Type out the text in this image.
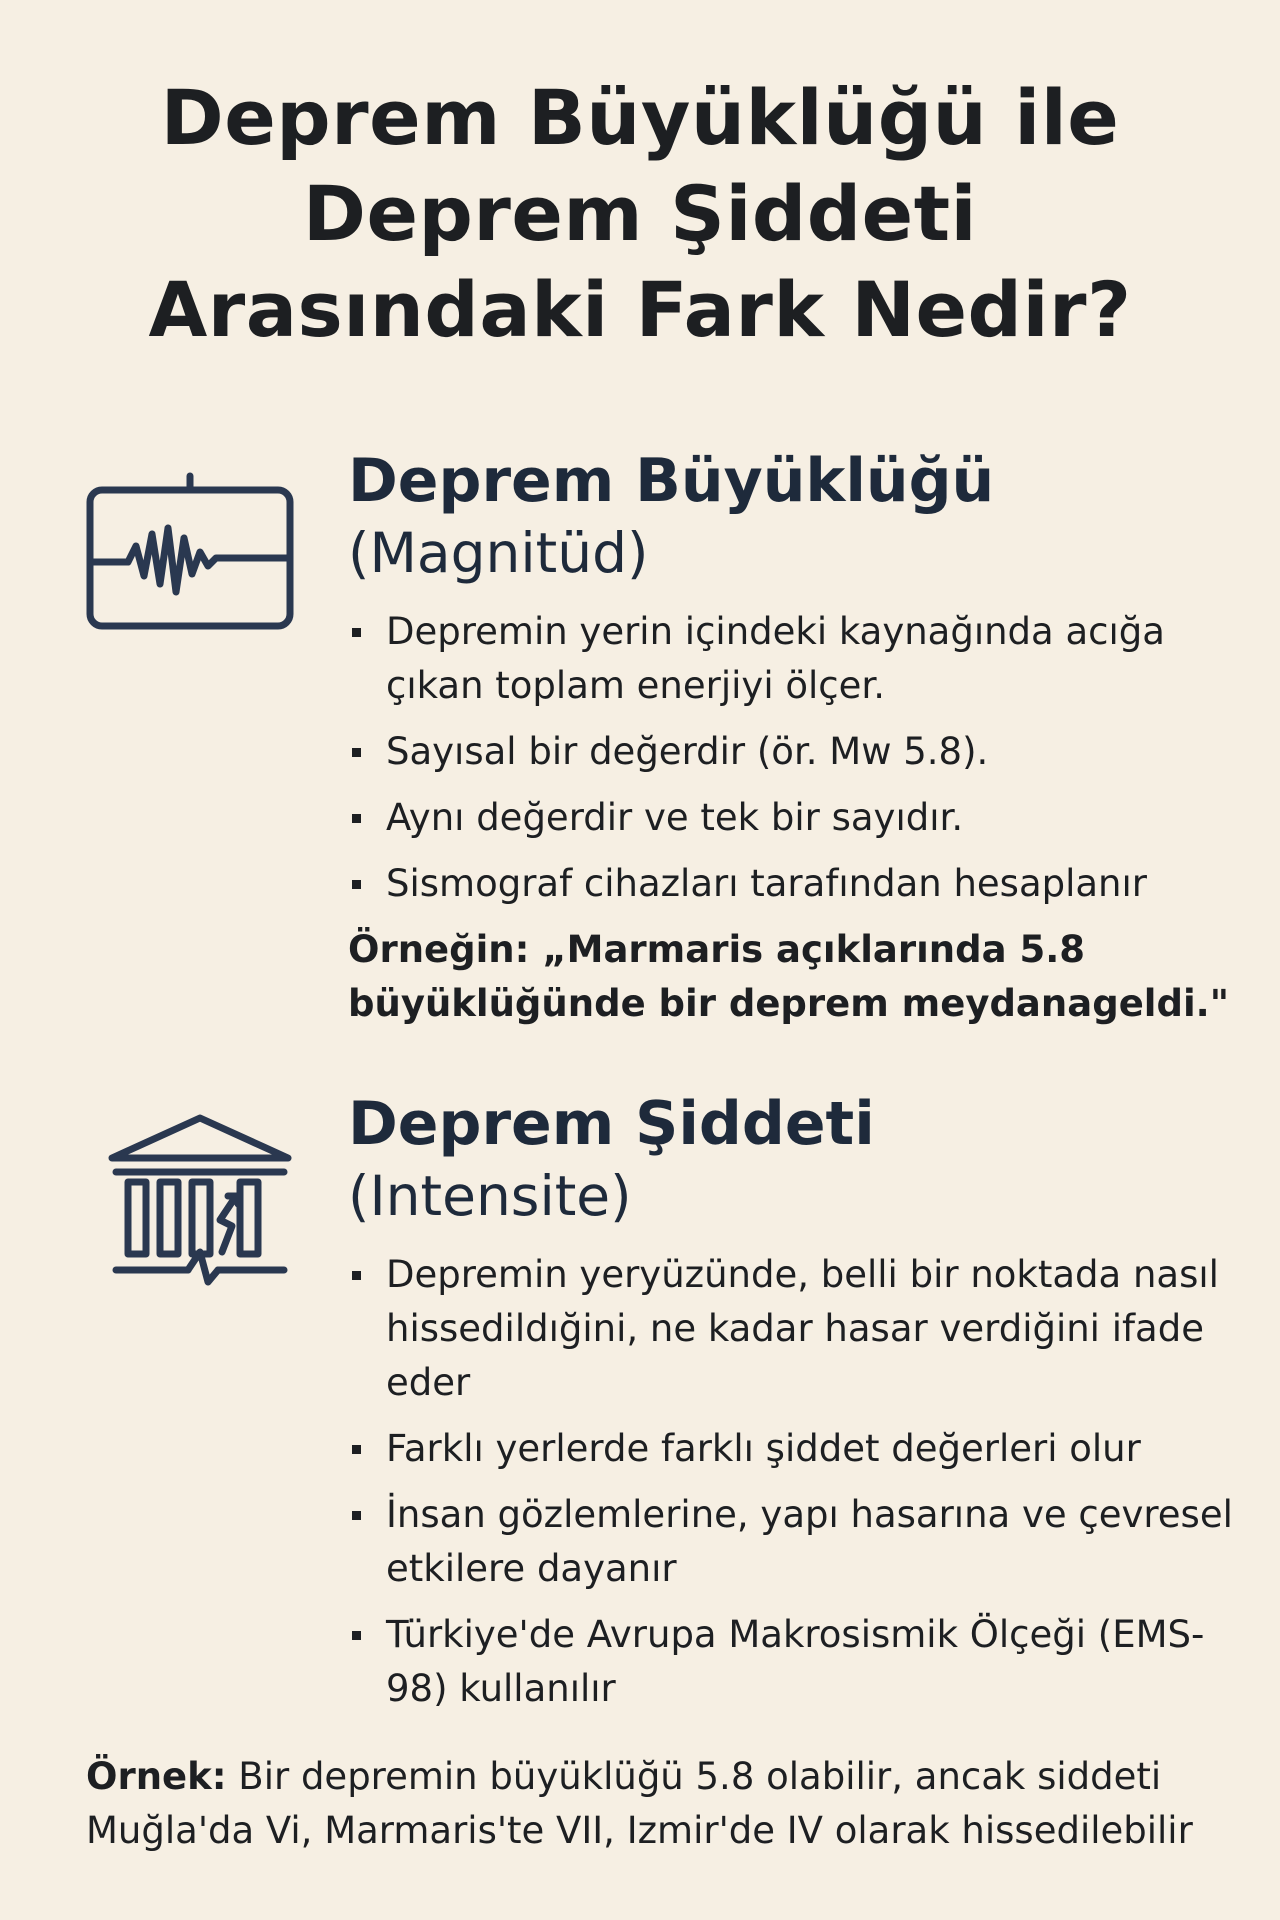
Deprem Büyüklüğü ile
Deprem Şiddeti
Arasındaki Fark Nedir?
Deprem Büyüklüğü

(Magnitüd)

Depremin yerin içindeki kaynağında acığa çıkan toplam enerjiyi ölçer.
Sayısal bir değerdir (ör. Mw 5.8).
Aynı değerdir ve tek bir sayıdır.
Sismograf cihazları tarafından hesaplanır

Örneğin: „Marmaris açıklarında 5.8 büyüklüğünde bir deprem meydanageldi."

Deprem Şiddeti

(Intensite)

Depremin yeryüzünde, belli bir noktada nasıl hissedildığini, ne kadar hasar verdiğini ifade eder
Farklı yerlerde farklı şiddet değerleri olur
İnsan gözlemlerine, yapı hasarına ve çevresel etkilere dayanır
Türkiye'de Avrupa Makrosismik Ölçeği (EMS-98) kullanılır

Örnek: Bir depremin büyüklüğü 5.8 olabilir, ancak siddeti Muğla'da Vi, Marmaris'te VII, Izmir'de IV olarak hissedilebilir
